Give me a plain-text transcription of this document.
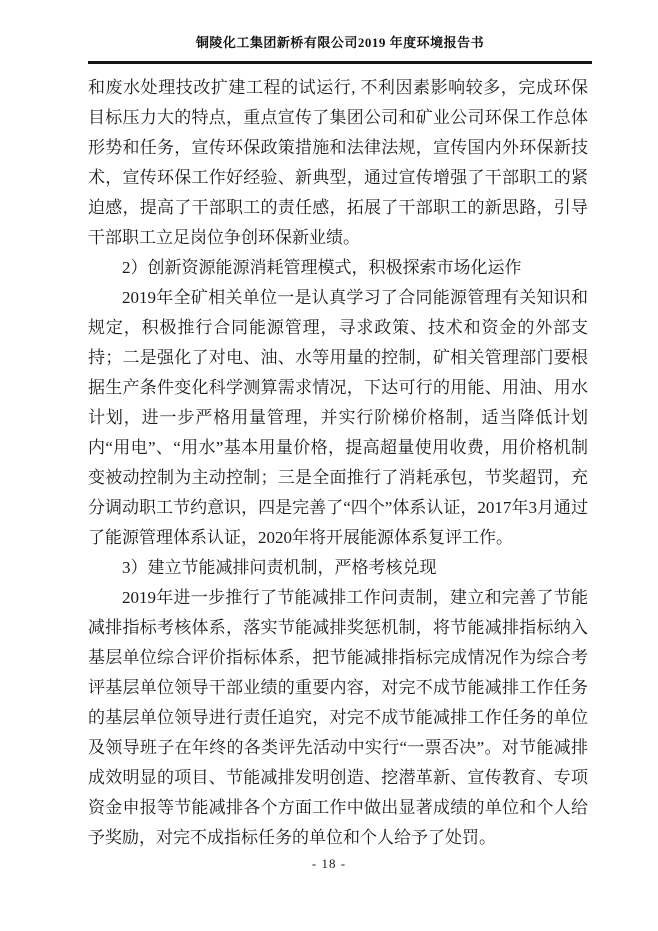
铜陵化工集团新桥有限公司2019 年度环境报告书

和废水处理技改扩建工程的试运行, 不利因素影响较多，完成环保目标压力大的特点，重点宣传了集团公司和矿业公司环保工作总体形势和任务，宣传环保政策措施和法律法规，宣传国内外环保新技术，宣传环保工作好经验、新典型，通过宣传增强了干部职工的紧迫感，提高了干部职工的责任感，拓展了干部职工的新思路，引导干部职工立足岗位争创环保新业绩。

2）创新资源能源消耗管理模式，积极探索市场化运作

2019年全矿相关单位一是认真学习了合同能源管理有关知识和规定，积极推行合同能源管理，寻求政策、技术和资金的外部支持；二是强化了对电、油、水等用量的控制，矿相关管理部门要根据生产条件变化科学测算需求情况，下达可行的用能、用油、用水计划，进一步严格用量管理，并实行阶梯价格制，适当降低计划内“用电”、“用水”基本用量价格，提高超量使用收费，用价格机制变被动控制为主动控制；三是全面推行了消耗承包，节奖超罚，充分调动职工节约意识，四是完善了“四个”体系认证，2017年3月通过了能源管理体系认证，2020年将开展能源体系复评工作。

3）建立节能减排问责机制，严格考核兑现

2019年进一步推行了节能减排工作问责制，建立和完善了节能减排指标考核体系，落实节能减排奖惩机制，将节能减排指标纳入基层单位综合评价指标体系，把节能减排指标完成情况作为综合考评基层单位领导干部业绩的重要内容，对完不成节能减排工作任务的基层单位领导进行责任追究，对完不成节能减排工作任务的单位及领导班子在年终的各类评先活动中实行“一票否决”。对节能减排成效明显的项目、节能减排发明创造、挖潜革新、宣传教育、专项资金申报等节能减排各个方面工作中做出显著成绩的单位和个人给予奖励，对完不成指标任务的单位和个人给予了处罚。

- 18 -
